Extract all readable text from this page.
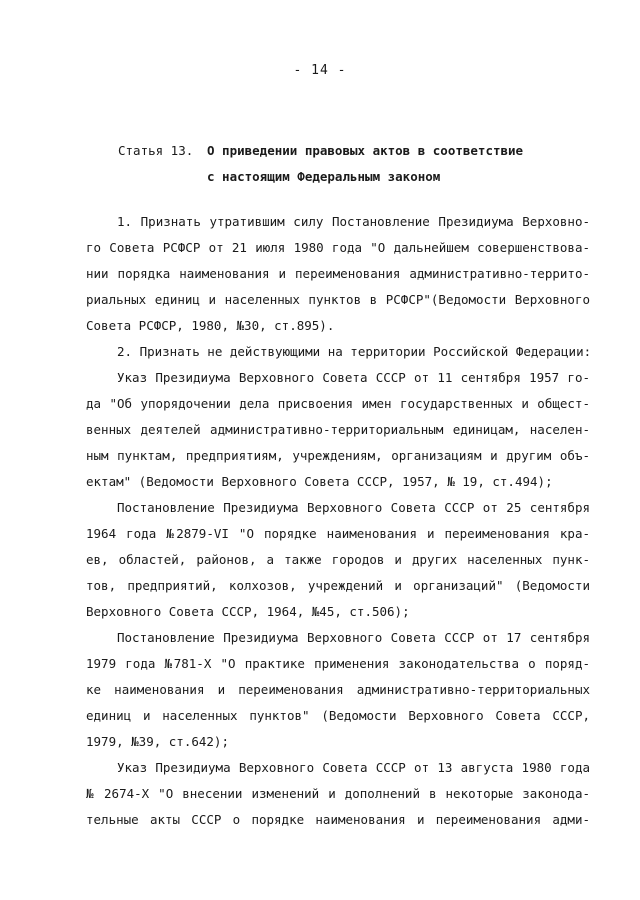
- 14 -
Статья 13. О приведении правовых актов в соответствие
с настоящим Федеральным законом
1. Признать утратившим силу Постановление Президиума Верховно-
го Совета РСФСР от 21 июля 1980 года "О дальнейшем совершенствова-
нии порядка наименования и переименования административно-террито-
риальных единиц и населенных пунктов в РСФСР"(Ведомости Верховного
Совета РСФСР, 1980, №30, ст.895).
2. Признать не действующими на территории Российской Федерации:
Указ Президиума Верховного Совета СССР от 11 сентября 1957 го-
да "Об упорядочении дела присвоения имен государственных и общест-
венных деятелей административно-территориальным единицам, населен-
ным пунктам, предприятиям, учреждениям, организациям и другим объ-
ектам" (Ведомости Верховного Совета СССР, 1957, № 19, ст.494);
Постановление Президиума Верховного Совета СССР от 25 сентября
1964 года №2879-VI "О порядке наименования и переименования кра-
ев, областей, районов, а также городов и других населенных пунк-
тов, предприятий, колхозов, учреждений и организаций" (Ведомости
Верховного Совета СССР, 1964, №45, ст.506);
Постановление Президиума Верховного Совета СССР от 17 сентября
1979 года №781-Х "О практике применения законодательства о поряд-
ке наименования и переименования административно-территориальных
единиц и населенных пунктов" (Ведомости Верховного Совета СССР,
1979, №39, ст.642);
Указ Президиума Верховного Совета СССР от 13 августа 1980 года
№ 2674-Х "О внесении изменений и дополнений в некоторые законода-
тельные акты СССР о порядке наименования и переименования адми-
